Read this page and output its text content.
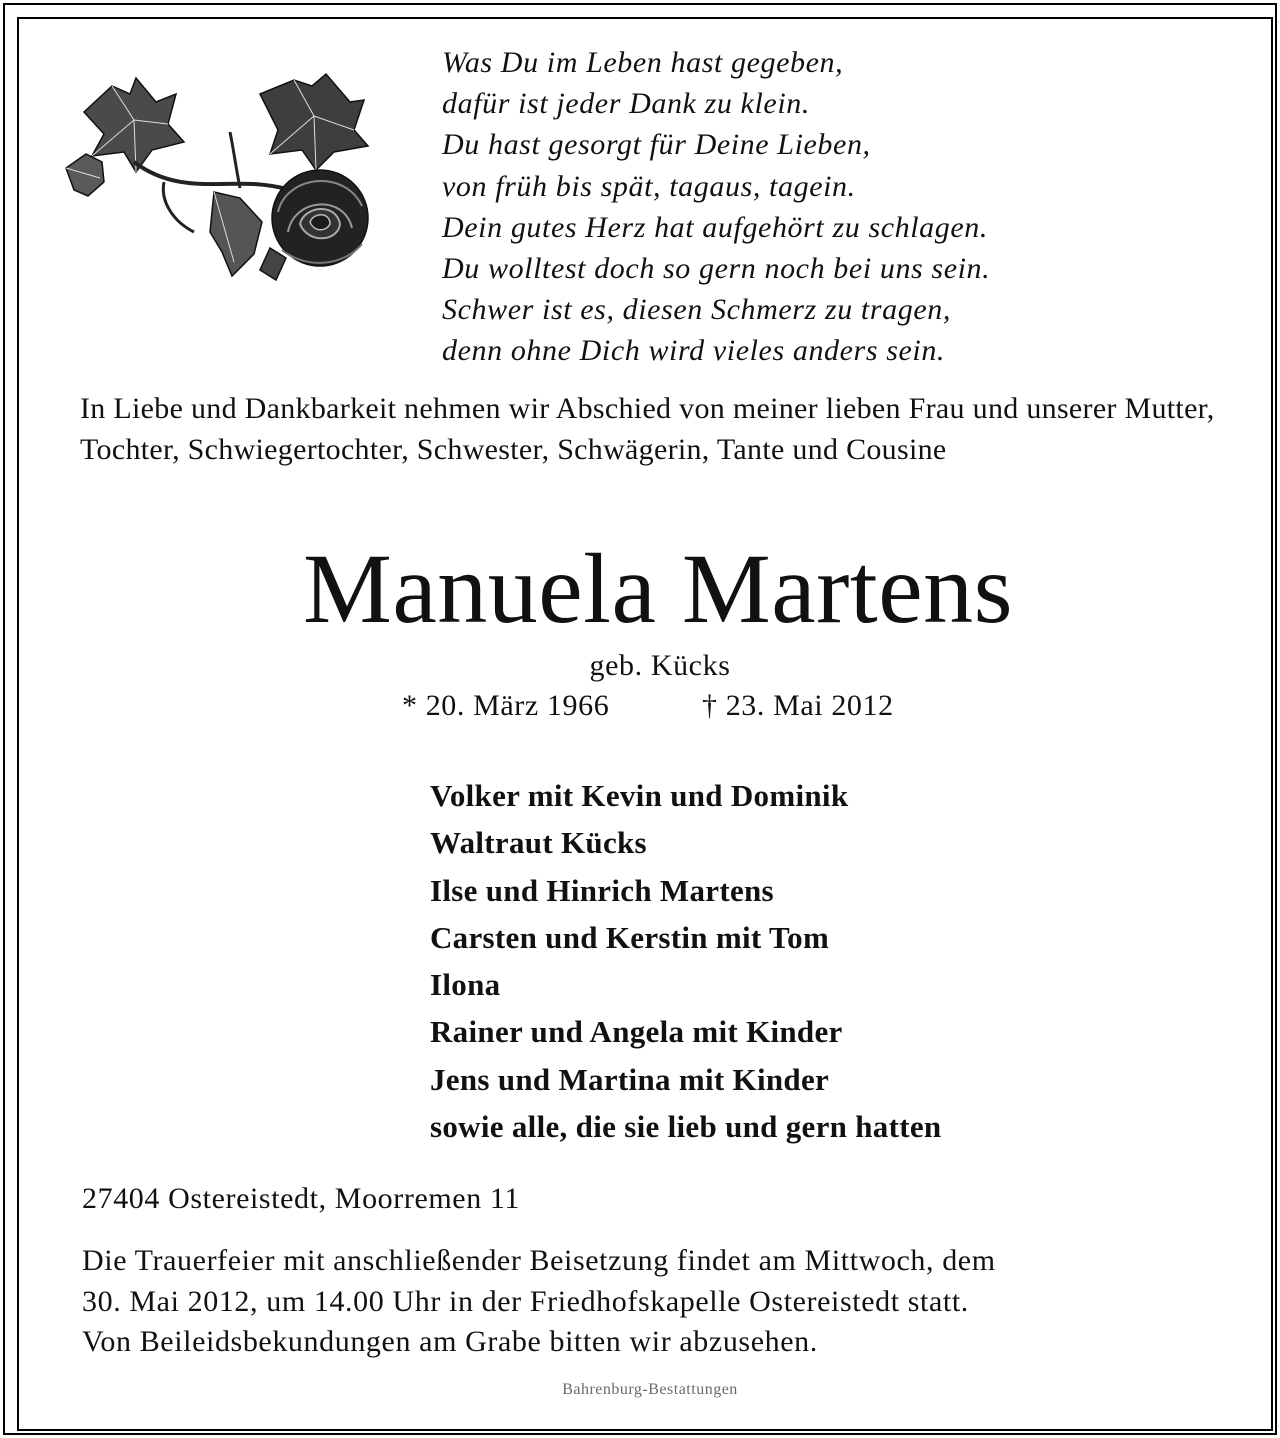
Was Du im Leben hast gegeben,
dafür ist jeder Dank zu klein.
Du hast gesorgt für Deine Lieben,
von früh bis spät, tagaus, tagein.
Dein gutes Herz hat aufgehört zu schlagen.
Du wolltest doch so gern noch bei uns sein.
Schwer ist es, diesen Schmerz zu tragen,
denn ohne Dich wird vieles anders sein.
In Liebe und Dankbarkeit nehmen wir Abschied von meiner lieben Frau und unserer Mutter, Tochter, Schwiegertochter, Schwester, Schwägerin, Tante und Cousine
Manuela Martens
geb. Kücks
* 20. März 1966	† 23. Mai 2012
Volker mit Kevin und Dominik
Waltraut Kücks
Ilse und Hinrich Martens
Carsten und Kerstin mit Tom
Ilona
Rainer und Angela mit Kinder
Jens und Martina mit Kinder
sowie alle, die sie lieb und gern hatten
27404 Ostereistedt, Moorremen 11
Die Trauerfeier mit anschließender Beisetzung findet am Mittwoch, dem
30. Mai 2012, um 14.00 Uhr in der Friedhofskapelle Ostereistedt statt.
Von Beileidsbekundungen am Grabe bitten wir abzusehen.
Bahrenburg-Bestattungen
